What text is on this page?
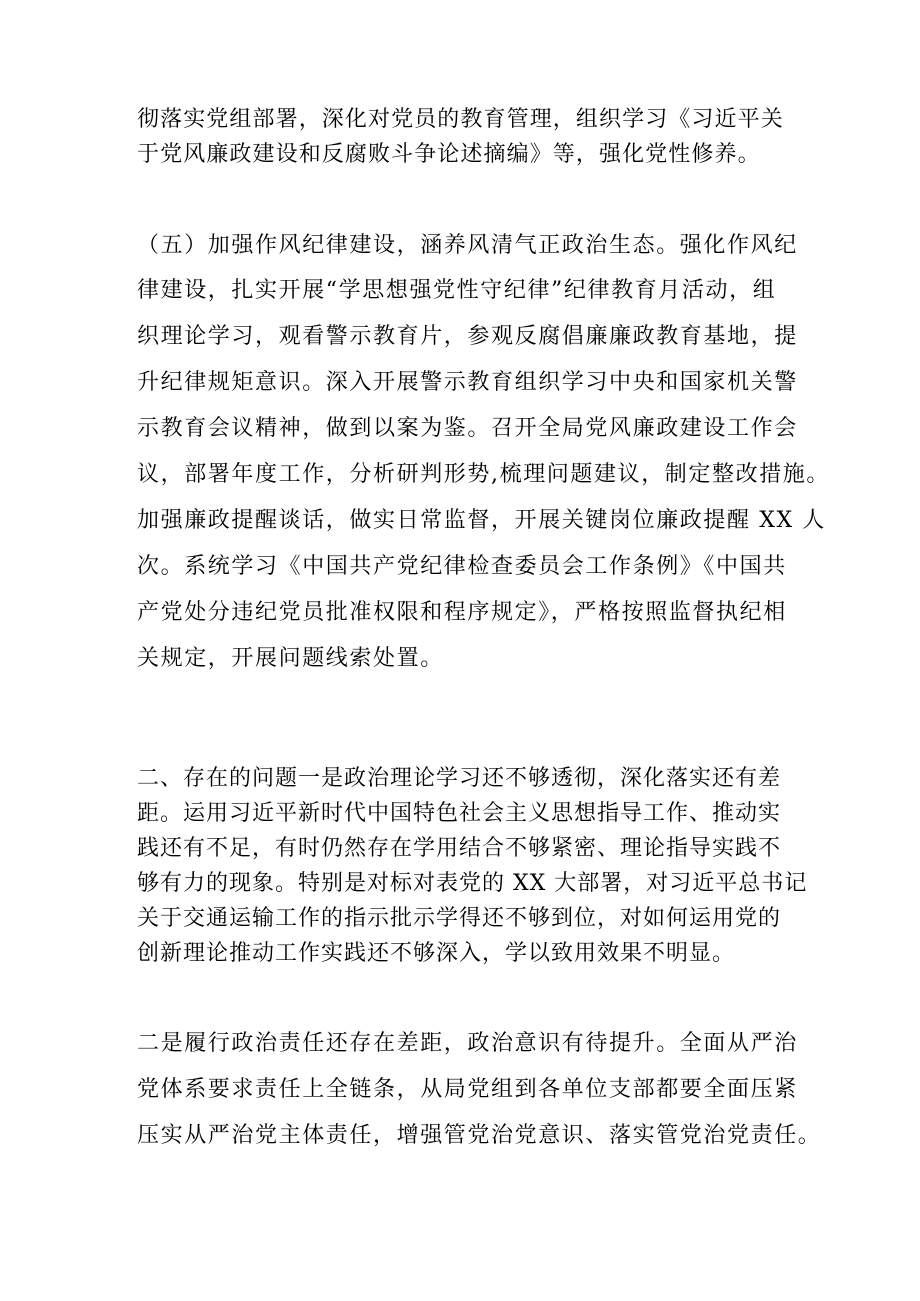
彻落实党组部署，深化对党员的教育管理，组织学习《习近平关
于党风廉政建设和反腐败斗争论述摘编》等，强化党性修养。
（五）加强作风纪律建设，涵养风清气正政治生态。强化作风纪
律建设，扎实开展“学思想强党性守纪律”纪律教育月活动，组
织理论学习，观看警示教育片，参观反腐倡廉廉政教育基地，提
升纪律规矩意识。深入开展警示教育组织学习中央和国家机关警
示教育会议精神，做到以案为鉴。召开全局党风廉政建设工作会
议，部署年度工作，分析研判形势,梳理问题建议，制定整改措施。
加强廉政提醒谈话，做实日常监督，开展关键岗位廉政提醒 XX 人
次。系统学习《中国共产党纪律检查委员会工作条例》《中国共
产党处分违纪党员批准权限和程序规定》，严格按照监督执纪相
关规定，开展问题线索处置。
二、存在的问题一是政治理论学习还不够透彻，深化落实还有差
距。运用习近平新时代中国特色社会主义思想指导工作、推动实
践还有不足，有时仍然存在学用结合不够紧密、理论指导实践不
够有力的现象。特别是对标对表党的 XX 大部署，对习近平总书记
关于交通运输工作的指示批示学得还不够到位，对如何运用党的
创新理论推动工作实践还不够深入，学以致用效果不明显。
二是履行政治责任还存在差距，政治意识有待提升。全面从严治
党体系要求责任上全链条，从局党组到各单位支部都要全面压紧
压实从严治党主体责任，增强管党治党意识、落实管党治党责任。
